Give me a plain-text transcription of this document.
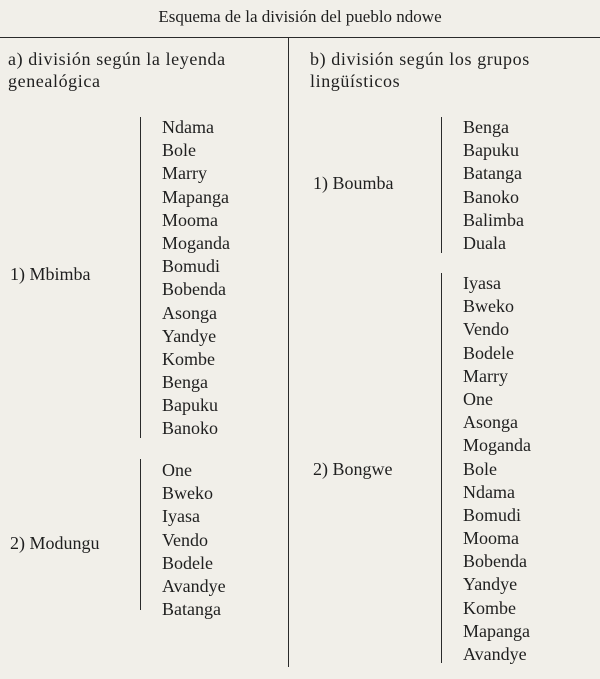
Esquema de la división del pueblo ndowe
a) división según la leyenda genealógica
b) división según los grupos lingüísticos
1) Mbimba
Ndama
Bole
Marry
Mapanga
Mooma
Moganda
Bomudi
Bobenda
Asonga
Yandye
Kombe
Benga
Bapuku
Banoko
2) Modungu
One
Bweko
Iyasa
Vendo
Bodele
Avandye
Batanga
1) Boumba
Benga
Bapuku
Batanga
Banoko
Balimba
Duala
2) Bongwe
Iyasa
Bweko
Vendo
Bodele
Marry
One
Asonga
Moganda
Bole
Ndama
Bomudi
Mooma
Bobenda
Yandye
Kombe
Mapanga
Avandye
